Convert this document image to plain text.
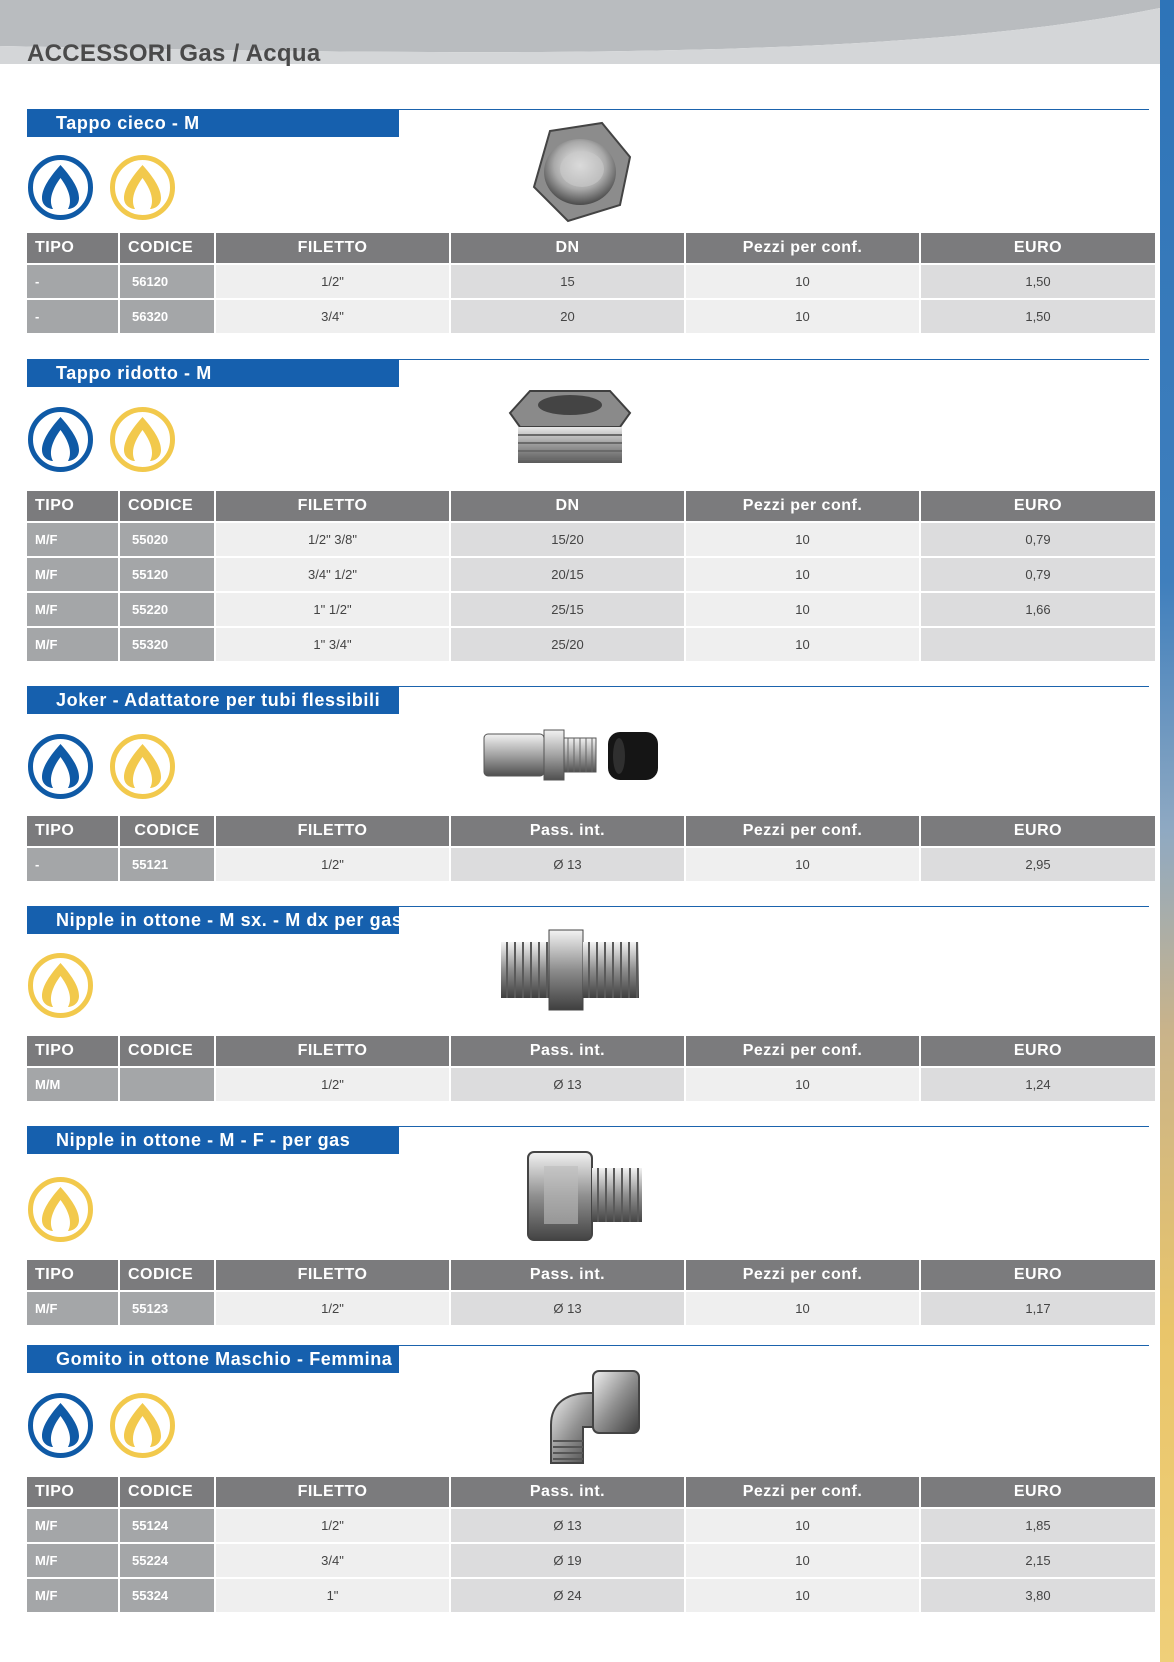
ACCESSORI Gas / Acqua
Tappo cieco - M
TIPO	CODICE	FILETTO	DN	Pezzi per conf.	EURO
-	56120	1/2"	15	10	1,50
-	56320	3/4"	20	10	1,50
Tappo ridotto - M
TIPO	CODICE	FILETTO	DN	Pezzi per conf.	EURO
M/F	55020	1/2" 3/8"	15/20	10	0,79
M/F	55120	3/4" 1/2"	20/15	10	0,79
M/F	55220	1" 1/2"	25/15	10	1,66
M/F	55320	1" 3/4"	25/20	10	
Joker - Adattatore per tubi flessibili
TIPO	CODICE	FILETTO	Pass. int.	Pezzi per conf.	EURO
-	55121	1/2"	Ø 13	10	2,95
Nipple in ottone - M sx. - M dx per gas
TIPO	CODICE	FILETTO	Pass. int.	Pezzi per conf.	EURO
M/M		1/2"	Ø 13	10	1,24
Nipple in ottone - M - F - per gas
TIPO	CODICE	FILETTO	Pass. int.	Pezzi per conf.	EURO
M/F	55123	1/2"	Ø 13	10	1,17
Gomito in ottone Maschio - Femmina
TIPO	CODICE	FILETTO	Pass. int.	Pezzi per conf.	EURO
M/F	55124	1/2"	Ø 13	10	1,85
M/F	55224	3/4"	Ø 19	10	2,15
M/F	55324	1"	Ø 24	10	3,80
